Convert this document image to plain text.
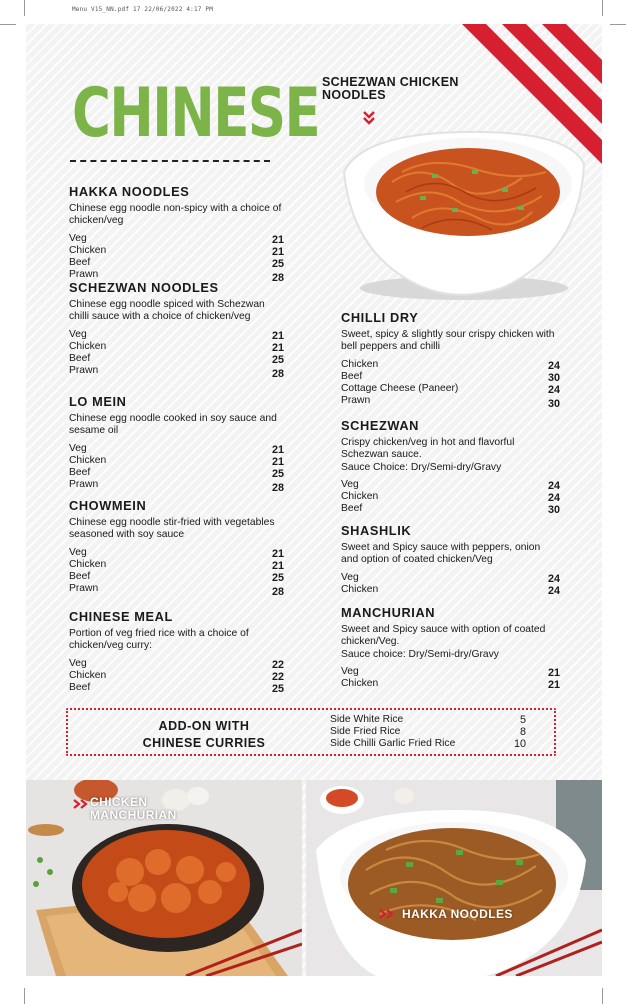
Menu V15_NN.pdf 17 22/06/2022 4:17 PM
CHINESE SCHEZWAN CHICKEN NOODLES
HAKKA NOODLES
Chinese egg noodle non-spicy with a choice of chicken/veg
Veg	21
Chicken	21
Beef	25
Prawn	28
SCHEZWAN NOODLES
Chinese egg noodle spiced with Schezwan chilli sauce with a choice of chicken/veg
Veg	21
Chicken	21
Beef	25
Prawn	28
LO MEIN
Chinese egg noodle cooked in soy sauce and sesame oil
Veg	21
Chicken	21
Beef	25
Prawn	28
CHOWMEIN
Chinese egg noodle stir-fried with vegetables seasoned with soy sauce
Veg	21
Chicken	21
Beef	25
Prawn	28
CHINESE MEAL
Portion of veg fried rice with a choice of chicken/veg curry:
Veg	22
Chicken	22
Beef	25
CHILLI DRY
Sweet, spicy & slightly sour crispy chicken with bell peppers and chilli
Chicken	24
Beef	30
Cottage Cheese (Paneer)	24
Prawn	30
SCHEZWAN
Crispy chicken/veg in hot and flavorful Schezwan sauce.
Sauce Choice: Dry/Semi-dry/Gravy
Veg	24
Chicken	24
Beef	30
SHASHLIK
Sweet and Spicy sauce with peppers, onion and option of coated chicken/Veg
Veg	24
Chicken	24
MANCHURIAN
Sweet and Spicy sauce with option of coated chicken/Veg.
Sauce choice: Dry/Semi-dry/Gravy
Veg	21
Chicken	21
ADD-ON WITH
CHINESE CURRIES
Side White Rice	5
Side Fried Rice	8
Side Chilli Garlic Fried Rice	10
CHICKEN
MANCHURIAN
HAKKA NOODLES
